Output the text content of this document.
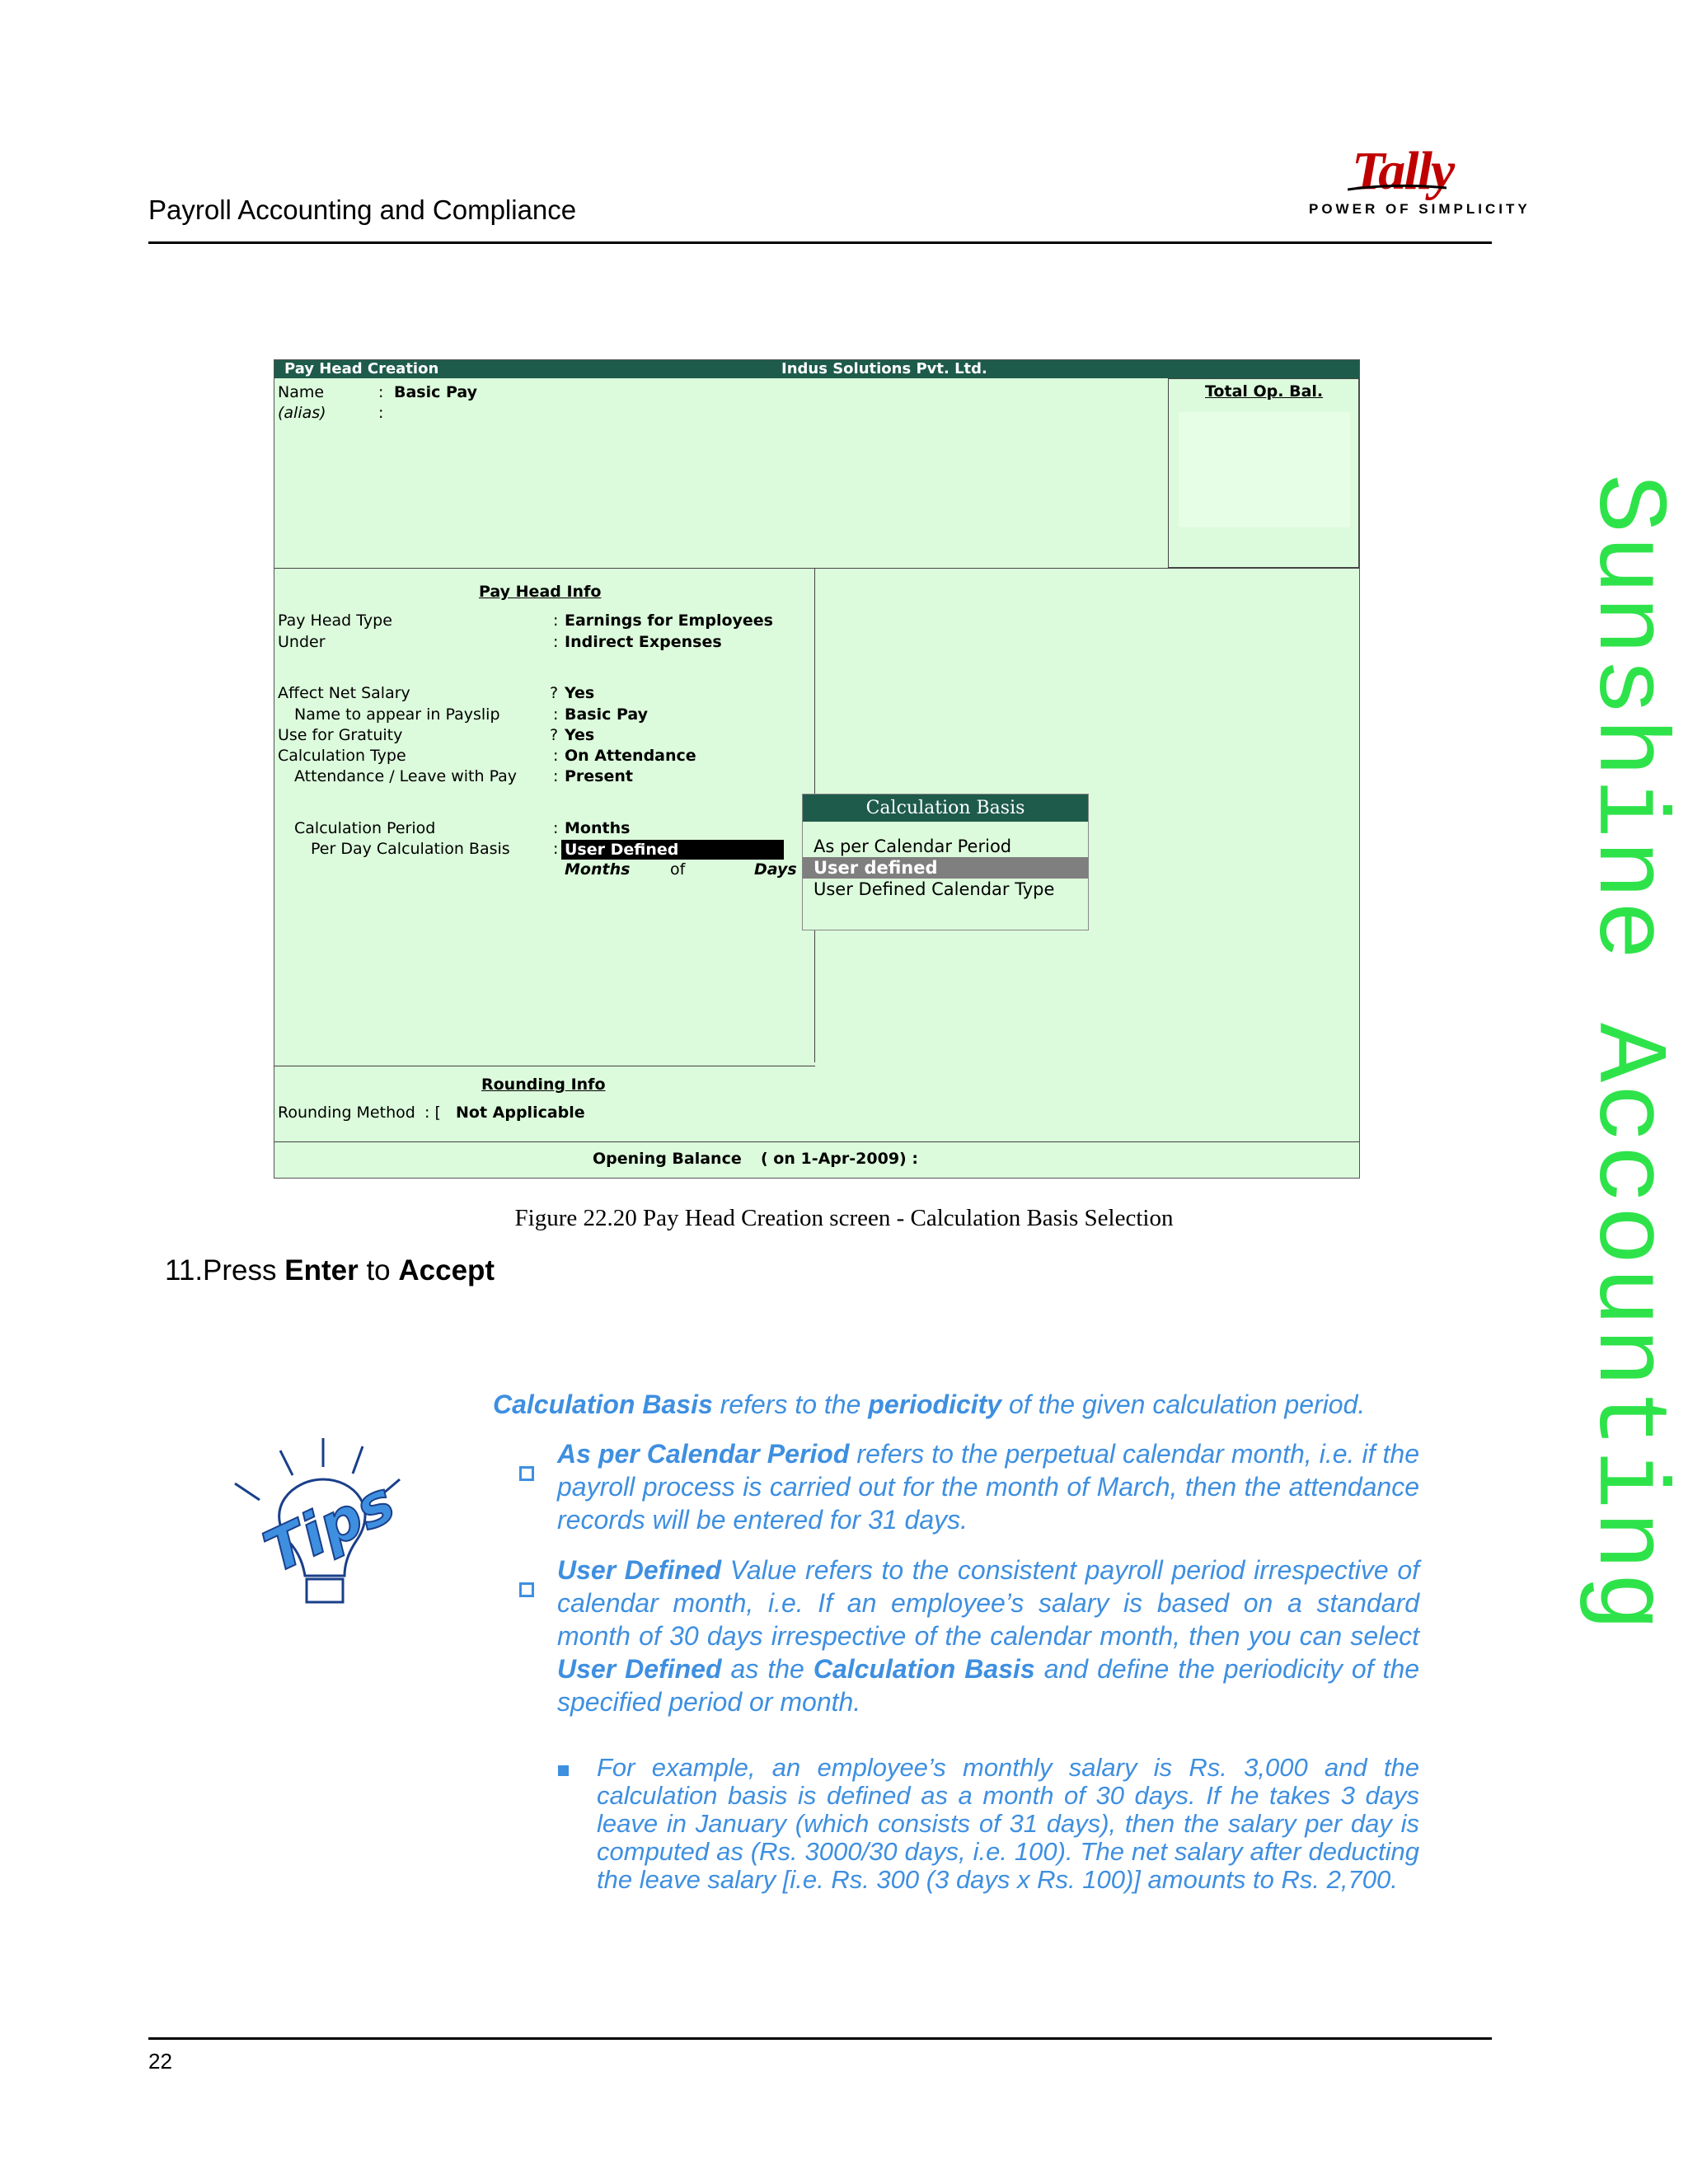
Payroll Accounting and Compliance
Tally
POWER OF SIMPLICITY
Sunshine Accounting
Pay Head Creation	Indus Solutions Pvt. Ltd.
Name	: Basic Pay
(alias)	:
Total Op. Bal.
Pay Head Info
Pay Head Type	: Earnings for Employees
Under	: Indirect Expenses
Affect Net Salary	? Yes
Name to appear in Payslip	: Basic Pay
Use for Gratuity	? Yes
Calculation Type	: On Attendance
Attendance / Leave with Pay : Present
Calculation Period	: Months
Per Day Calculation Basis	: User Defined
Months	of	Days
Calculation Basis
As per Calendar Period
User defined
User Defined Calendar Type
Rounding Info
Rounding Method : [ Not Applicable
Opening Balance ( on 1-Apr-2009) :
Figure 22.20 Pay Head Creation screen - Calculation Basis Selection
11.Press Enter to Accept
Tips

Calculation Basis refers to the periodicity of the given calculation period.

As per Calendar Period refers to the perpetual calendar month, i.e. if the payroll process is carried out for the month of March, then the attendance records will be entered for 31 days.

User Defined Value refers to the consistent payroll period irrespective of calendar month, i.e. If an employee’s salary is based on a standard month of 30 days irrespective of the calendar month, then you can select User Defined as the Calculation Basis and define the periodicity of the specified period or month.

For example, an employee’s monthly salary is Rs. 3,000 and the calculation basis is defined as a month of 30 days. If he takes 3 days leave in January (which consists of 31 days), then the salary per day is computed as (Rs. 3000/30 days, i.e. 100). The net salary after deducting the leave salary [i.e. Rs. 300 (3 days x Rs. 100)] amounts to Rs. 2,700.

22
